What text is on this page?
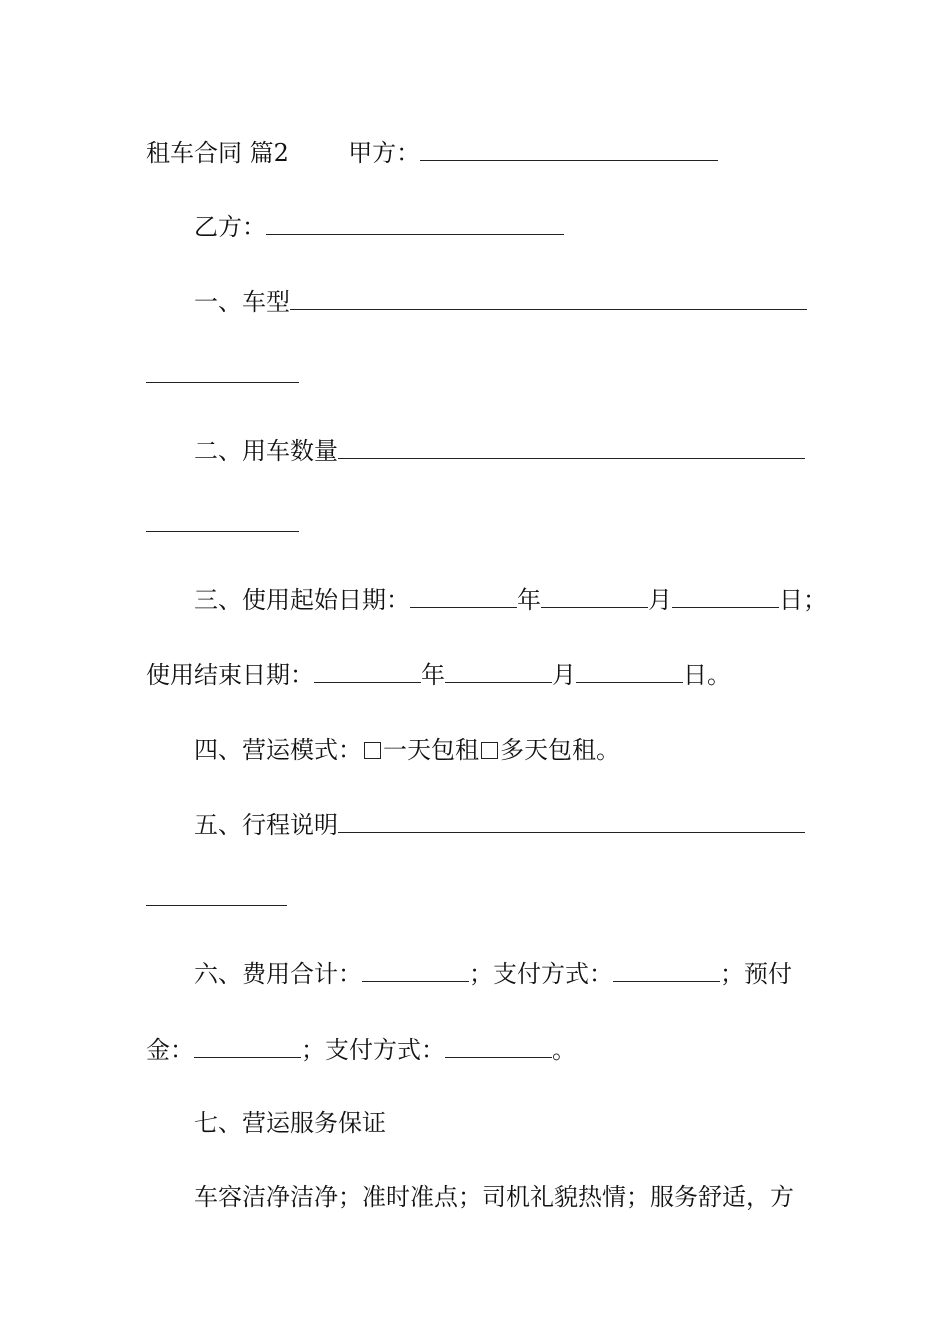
租车合同 篇2 甲方：
乙方：
一、车型
二、用车数量
三、使用起始日期：	年	月	日；
使用结束日期：	年	月	日。
四、营运模式： 一天包租 多天包租。
五、行程说明
六、费用合计：	；支付方式：	；预付
金：	；支付方式：	。
七、营运服务保证
车容洁净洁净；准时准点；司机礼貌热情；服务舒适，方
